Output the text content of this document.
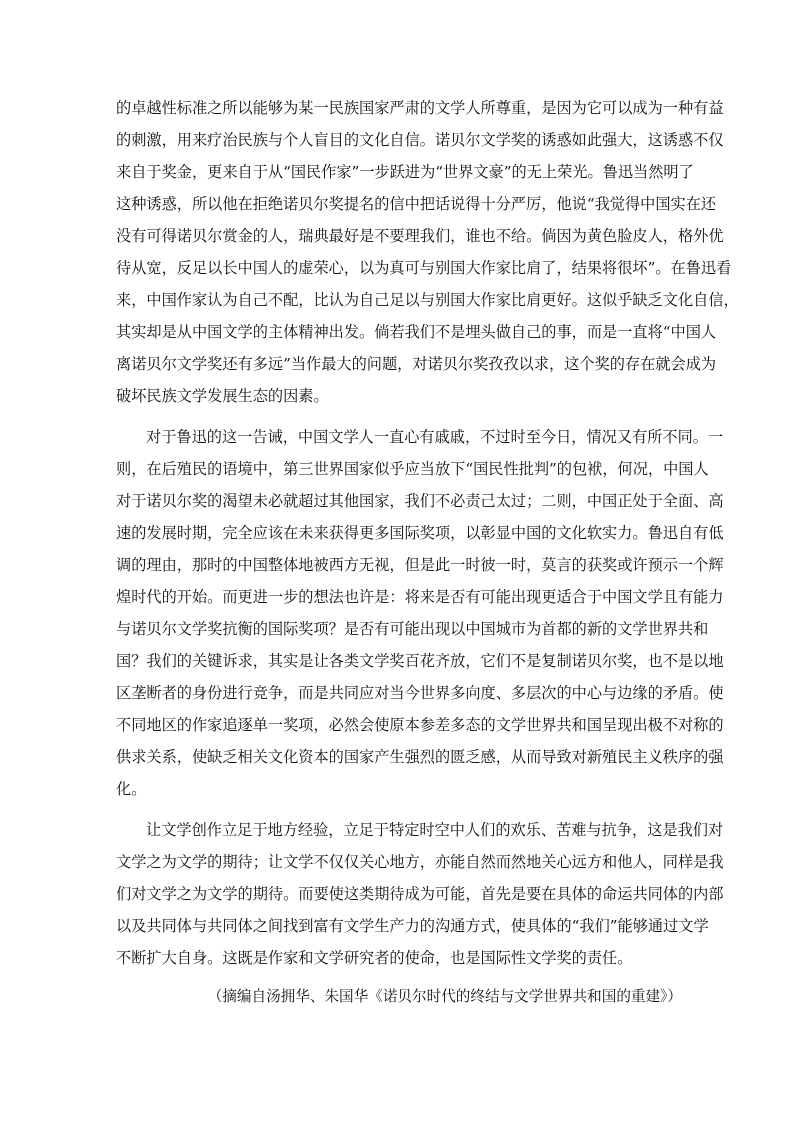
的卓越性标准之所以能够为某一民族国家严肃的文学人所尊重，是因为它可以成为一种有益
的刺激，用来疗治民族与个人盲目的文化自信。诺贝尔文学奖的诱惑如此强大，这诱惑不仅
来自于奖金，更来自于从“国民作家”一步跃进为“世界文豪”的无上荣光。鲁迅当然明了
这种诱惑，所以他在拒绝诺贝尔奖提名的信中把话说得十分严厉，他说“我觉得中国实在还
没有可得诺贝尔赏金的人，瑞典最好是不要理我们，谁也不给。倘因为黄色脸皮人，格外优
待从宽，反足以长中国人的虚荣心，以为真可与别国大作家比肩了，结果将很坏”。在鲁迅看
来，中国作家认为自己不配，比认为自己足以与别国大作家比肩更好。这似乎缺乏文化自信，
其实却是从中国文学的主体精神出发。倘若我们不是埋头做自己的事，而是一直将“中国人
离诺贝尔文学奖还有多远”当作最大的问题，对诺贝尔奖孜孜以求，这个奖的存在就会成为
破坏民族文学发展生态的因素。
对于鲁迅的这一告诫，中国文学人一直心有戚戚，不过时至今日，情况又有所不同。一
则，在后殖民的语境中，第三世界国家似乎应当放下“国民性批判”的包袱，何况，中国人
对于诺贝尔奖的渴望未必就超过其他国家，我们不必责己太过；二则，中国正处于全面、高
速的发展时期，完全应该在未来获得更多国际奖项，以彰显中国的文化软实力。鲁迅自有低
调的理由，那时的中国整体地被西方无视，但是此一时彼一时，莫言的获奖或许预示一个辉
煌时代的开始。而更进一步的想法也许是：将来是否有可能出现更适合于中国文学且有能力
与诺贝尔文学奖抗衡的国际奖项？是否有可能出现以中国城市为首都的新的文学世界共和
国？我们的关键诉求，其实是让各类文学奖百花齐放，它们不是复制诺贝尔奖，也不是以地
区垄断者的身份进行竞争，而是共同应对当今世界多向度、多层次的中心与边缘的矛盾。使
不同地区的作家追逐单一奖项，必然会使原本参差多态的文学世界共和国呈现出极不对称的
供求关系，使缺乏相关文化资本的国家产生强烈的匮乏感，从而导致对新殖民主义秩序的强
化。
让文学创作立足于地方经验，立足于特定时空中人们的欢乐、苦难与抗争，这是我们对
文学之为文学的期待；让文学不仅仅关心地方，亦能自然而然地关心远方和他人，同样是我
们对文学之为文学的期待。而要使这类期待成为可能，首先是要在具体的命运共同体的内部
以及共同体与共同体之间找到富有文学生产力的沟通方式，使具体的“我们”能够通过文学
不断扩大自身。这既是作家和文学研究者的使命，也是国际性文学奖的责任。
（摘编自汤拥华、朱国华《诺贝尔时代的终结与文学世界共和国的重建》）
